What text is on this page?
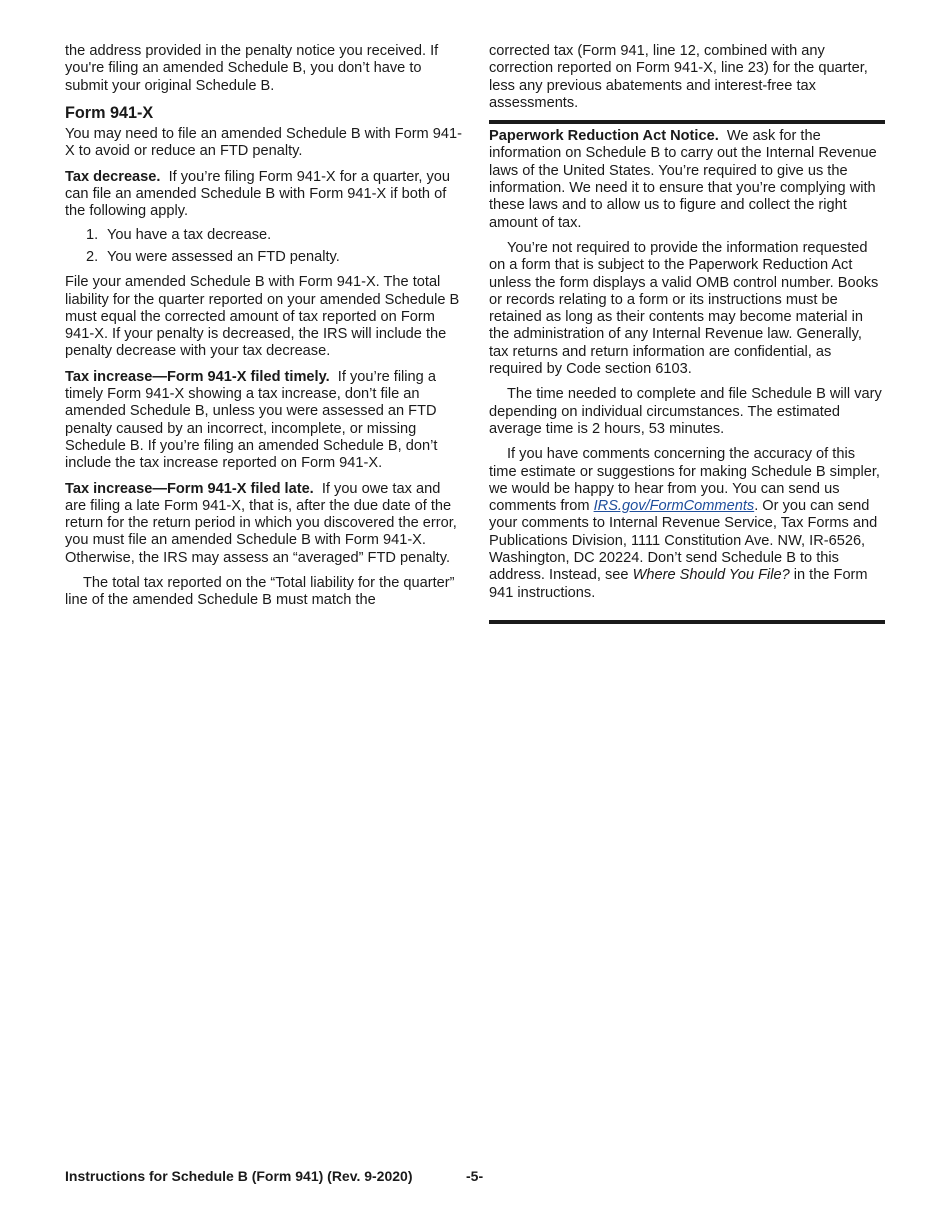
the address provided in the penalty notice you received. If you're filing an amended Schedule B, you don’t have to submit your original Schedule B.

Form 941-X

You may need to file an amended Schedule B with Form 941-X to avoid or reduce an FTD penalty.

Tax decrease. If you’re filing Form 941-X for a quarter, you can file an amended Schedule B with Form 941-X if both of the following apply.

1. You have a tax decrease.
2. You were assessed an FTD penalty.

File your amended Schedule B with Form 941-X. The total liability for the quarter reported on your amended Schedule B must equal the corrected amount of tax reported on Form 941-X. If your penalty is decreased, the IRS will include the penalty decrease with your tax decrease.

Tax increase—Form 941-X filed timely. If you’re filing a timely Form 941-X showing a tax increase, don’t file an amended Schedule B, unless you were assessed an FTD penalty caused by an incorrect, incomplete, or missing Schedule B. If you’re filing an amended Schedule B, don’t include the tax increase reported on Form 941-X.

Tax increase—Form 941-X filed late. If you owe tax and are filing a late Form 941-X, that is, after the due date of the return for the return period in which you discovered the error, you must file an amended Schedule B with Form 941-X. Otherwise, the IRS may assess an “averaged” FTD penalty.

The total tax reported on the “Total liability for the quarter” line of the amended Schedule B must match the

corrected tax (Form 941, line 12, combined with any correction reported on Form 941-X, line 23) for the quarter, less any previous abatements and interest-free tax assessments.

Paperwork Reduction Act Notice. We ask for the information on Schedule B to carry out the Internal Revenue laws of the United States. You’re required to give us the information. We need it to ensure that you’re complying with these laws and to allow us to figure and collect the right amount of tax.

You’re not required to provide the information requested on a form that is subject to the Paperwork Reduction Act unless the form displays a valid OMB control number. Books or records relating to a form or its instructions must be retained as long as their contents may become material in the administration of any Internal Revenue law. Generally, tax returns and return information are confidential, as required by Code section 6103.

The time needed to complete and file Schedule B will vary depending on individual circumstances. The estimated average time is 2 hours, 53 minutes.

If you have comments concerning the accuracy of this time estimate or suggestions for making Schedule B simpler, we would be happy to hear from you. You can send us comments from IRS.gov/FormComments. Or you can send your comments to Internal Revenue Service, Tax Forms and Publications Division, 1111 Constitution Ave. NW, IR-6526, Washington, DC 20224. Don’t send Schedule B to this address. Instead, see Where Should You File? in the Form 941 instructions.

Instructions for Schedule B (Form 941) (Rev. 9-2020)	-5-
